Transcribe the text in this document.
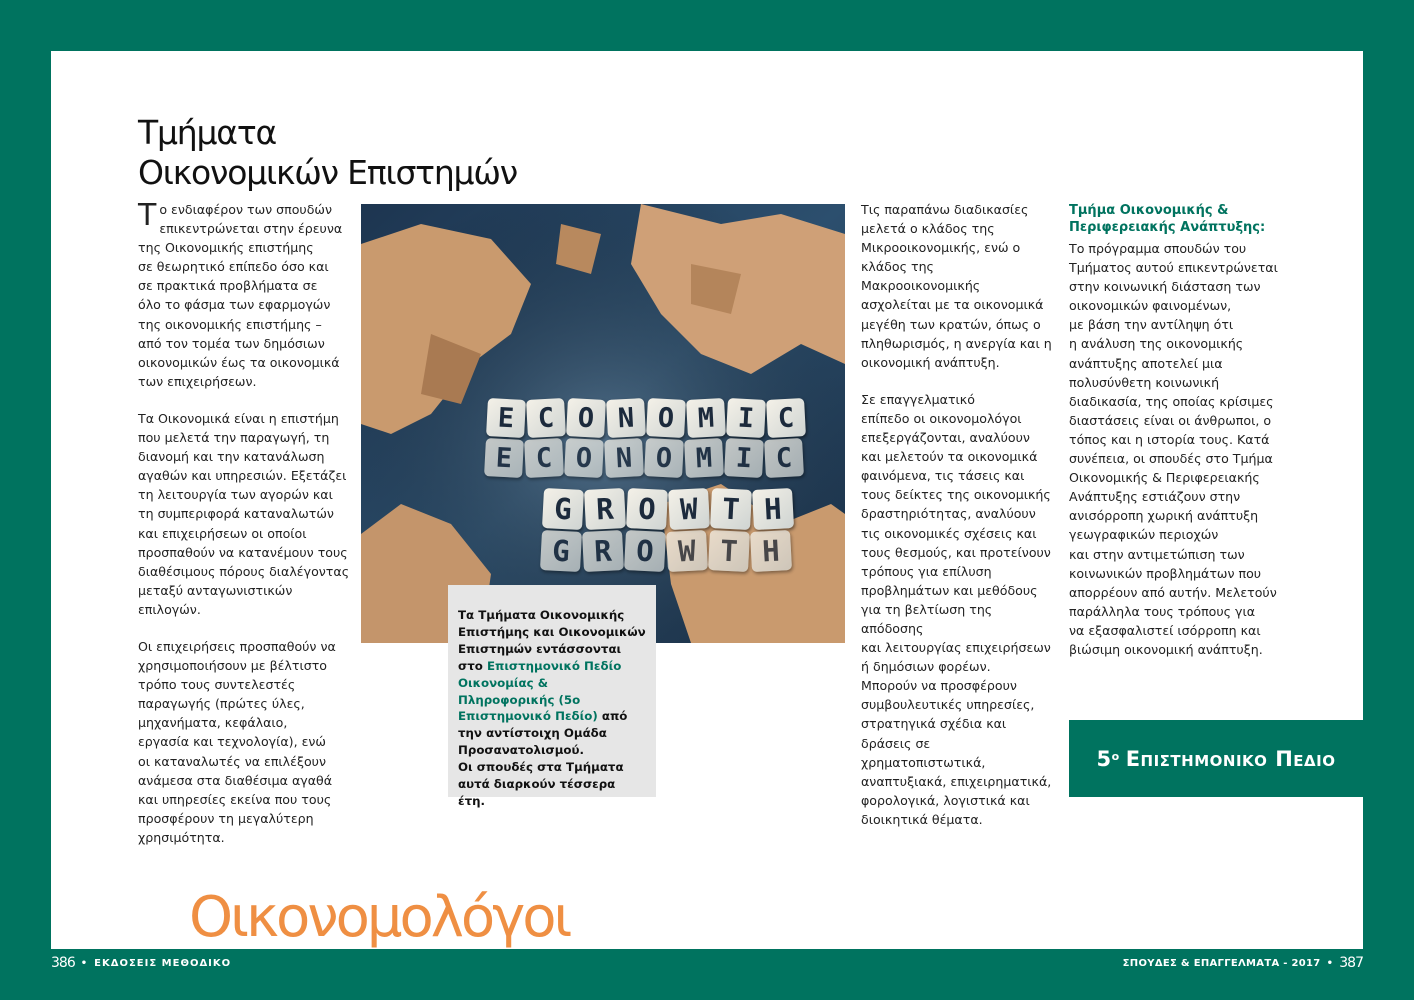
Τμήματα
Οικονομικών Επιστημών

Το ενδιαφέρον των σπουδών
επικεντρώνεται στην έρευνα
της Οικονομικής επιστήμης
σε θεωρητικό επίπεδο όσο και
σε πρακτικά προβλήματα σε
όλο το φάσμα των εφαρμογών
της οικονομικής επιστήμης –
από τον τομέα των δημόσιων
οικονομικών έως τα οικονομικά
των επιχειρήσεων.

Τα Οικονομικά είναι η επιστήμη
που μελετά την παραγωγή, τη
διανομή και την κατανάλωση
αγαθών και υπηρεσιών. Εξετάζει
τη λειτουργία των αγορών και
τη συμπεριφορά καταναλωτών
και επιχειρήσεων οι οποίοι
προσπαθούν να κατανέμουν τους
διαθέσιμους πόρους διαλέγοντας
μεταξύ ανταγωνιστικών
επιλογών.

Οι επιχειρήσεις προσπαθούν να
χρησιμοποιήσουν με βέλτιστο
τρόπο τους συντελεστές
παραγωγής (πρώτες ύλες,
μηχανήματα, κεφάλαιο,
εργασία και τεχνολογία), ενώ
οι καταναλωτές να επιλέξουν
ανάμεσα στα διαθέσιμα αγαθά
και υπηρεσίες εκείνα που τους
προσφέρουν τη μεγαλύτερη
χρησιμότητα.

E C O N O M I C
E C O N O M I C
G R O W T H
G R O W T H
Τα Τμήματα Οικονομικής Επιστήμης και Οικονομικών Επιστημών εντάσσονται στο Επιστημονικό Πεδίο Οικονομίας & Πληροφορικής (5ο Επιστημονικό Πεδίο) από την αντίστοιχη Ομάδα Προσανατολισμού.
Οι σπουδές στα Τμήματα αυτά διαρκούν τέσσερα έτη.

Τις παραπάνω διαδικασίες
μελετά ο κλάδος της
Μικροοικονομικής, ενώ ο
κλάδος της Μακροοικονομικής
ασχολείται με τα οικονομικά
μεγέθη των κρατών, όπως ο
πληθωρισμός, η ανεργία και η
οικονομική ανάπτυξη.

Σε επαγγελματικό
επίπεδο οι οικονομολόγοι
επεξεργάζονται, αναλύουν
και μελετούν τα οικονομικά
φαινόμενα, τις τάσεις και
τους δείκτες της οικονομικής
δραστηριότητας, αναλύουν
τις οικονομικές σχέσεις και
τους θεσμούς, και προτείνουν
τρόπους για επίλυση
προβλημάτων και μεθόδους
για τη βελτίωση της απόδοσης
και λειτουργίας επιχειρήσεων
ή δημόσιων φορέων.
Μπορούν να προσφέρουν
συμβουλευτικές υπηρεσίες,
στρατηγικά σχέδια και
δράσεις σε χρηματοπιστωτικά,
αναπτυξιακά, επιχειρηματικά,
φορολογικά, λογιστικά και
διοικητικά θέματα.

Τμήμα Οικονομικής &
Περιφερειακής Ανάπτυξης:

Το πρόγραμμα σπουδών του
Τμήματος αυτού επικεντρώνεται
στην κοινωνική διάσταση των
οικονομικών φαινομένων,
με βάση την αντίληψη ότι
η ανάλυση της οικονομικής
ανάπτυξης αποτελεί μια
πολυσύνθετη κοινωνική
διαδικασία, της οποίας κρίσιμες
διαστάσεις είναι οι άνθρωποι, ο
τόπος και η ιστορία τους. Κατά
συνέπεια, οι σπουδές στο Τμήμα
Οικονομικής & Περιφερειακής
Ανάπτυξης εστιάζουν στην
ανισόρροπη χωρική ανάπτυξη
γεωγραφικών περιοχών
και στην αντιμετώπιση των
κοινωνικών προβλημάτων που
απορρέουν από αυτήν. Μελετούν
παράλληλα τους τρόπους για
να εξασφαλιστεί ισόρροπη και
βιώσιμη οικονομική ανάπτυξη.

$5^o$ Επιστημονικο Πεδιο
Οικονομολόγοι
386 • ΕΚΔΟΣΕΙΣ ΜΕΘΟΔΙΚΟ	ΣΠΟΥΔΕΣ & ΕΠΑΓΓΕΛΜΑΤΑ - 2017 • 387
